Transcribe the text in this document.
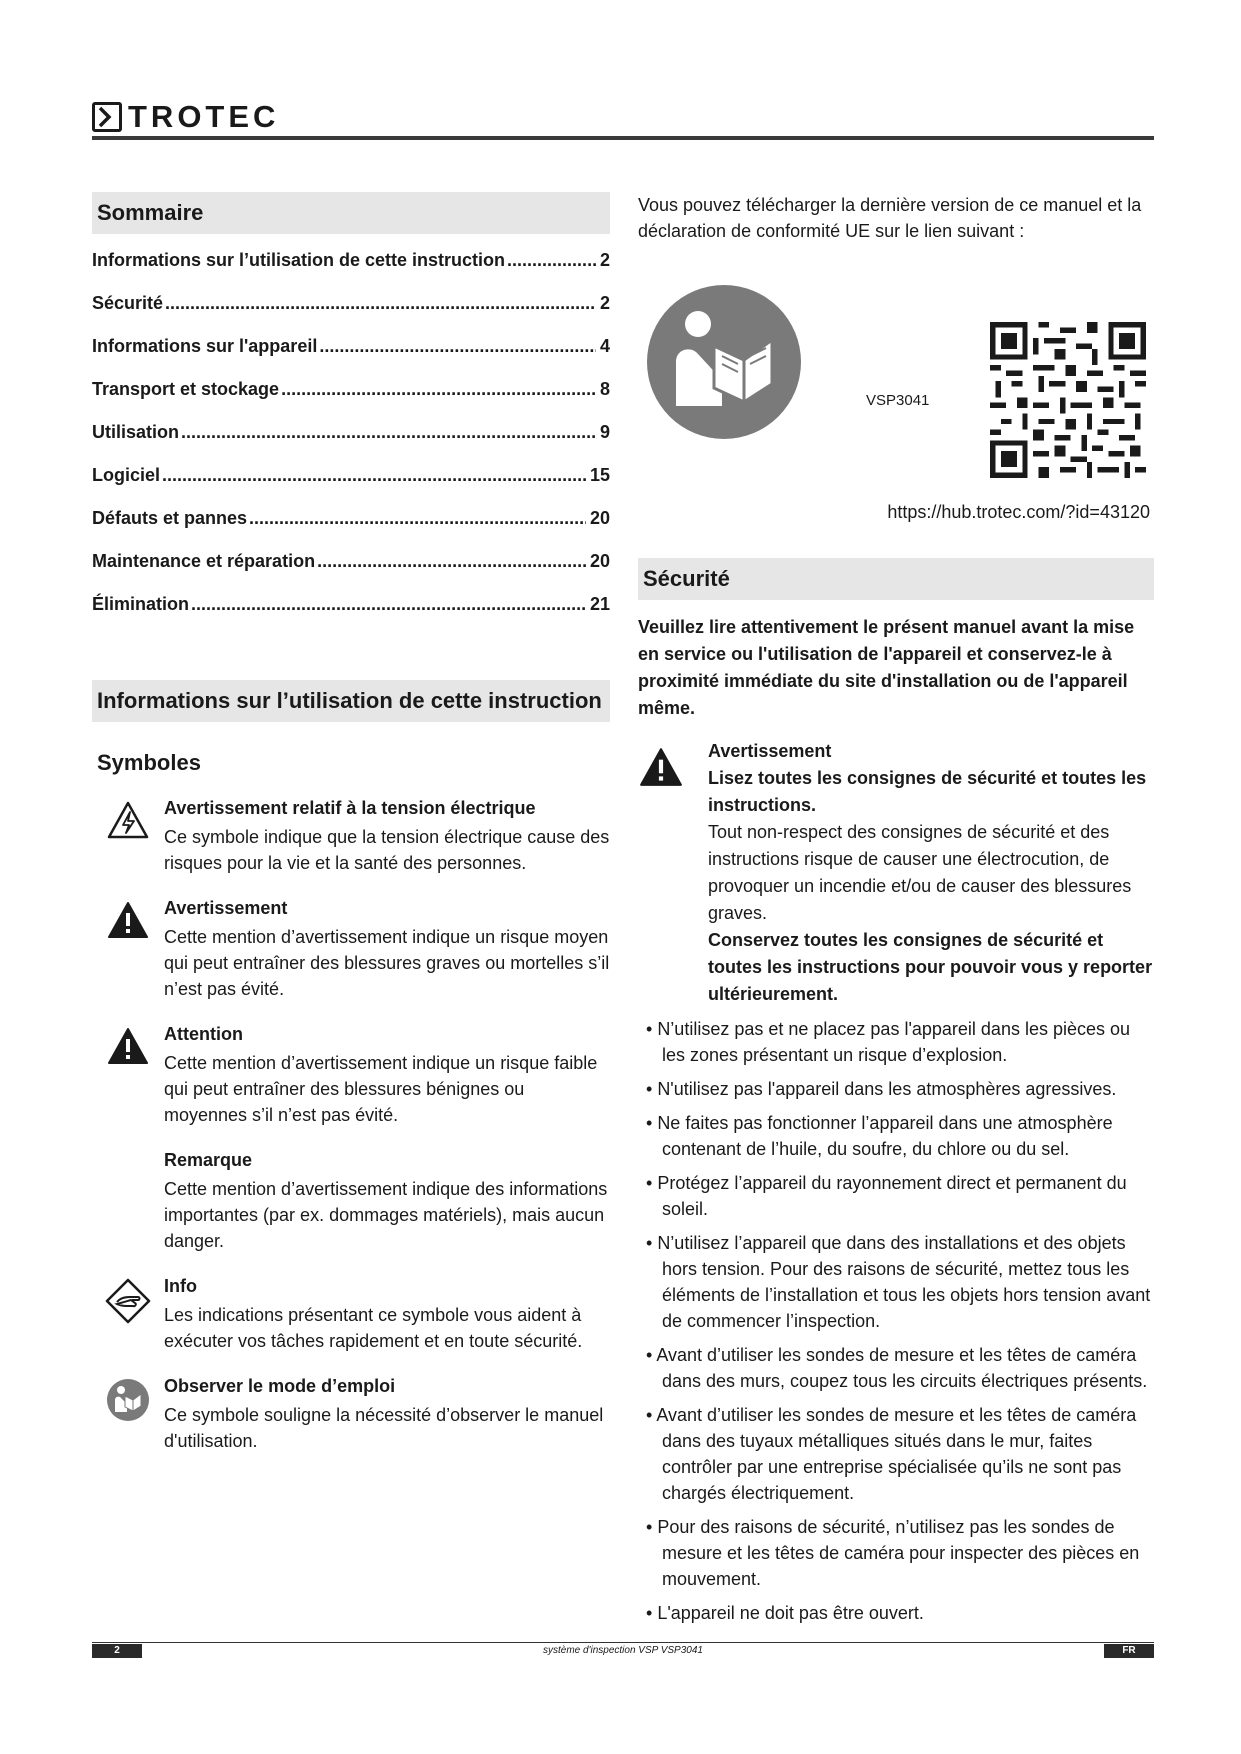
TROTEC
Sommaire
Informations sur l’utilisation de cette instruction .....	2
Sécurité .....	2
Informations sur l'appareil .....	4
Transport et stockage .....	8
Utilisation .....	9
Logiciel .....	15
Défauts et pannes .....	20
Maintenance et réparation .....	20
Élimination .....	21
Informations sur l’utilisation de cette instruction
Symboles
Avertissement relatif à la tension électrique
Ce symbole indique que la tension électrique cause des risques pour la vie et la santé des personnes.
Avertissement
Cette mention d’avertissement indique un risque moyen qui peut entraîner des blessures graves ou mortelles s’il n’est pas évité.
Attention
Cette mention d’avertissement indique un risque faible qui peut entraîner des blessures bénignes ou moyennes s’il n’est pas évité.
Remarque
Cette mention d’avertissement indique des informations importantes (par ex. dommages matériels), mais aucun danger.
Info
Les indications présentant ce symbole vous aident à exécuter vos tâches rapidement et en toute sécurité.
Observer le mode d’emploi
Ce symbole souligne la nécessité d’observer le manuel d'utilisation.
Vous pouvez télécharger la dernière version de ce manuel et la déclaration de conformité UE sur le lien suivant :
VSP3041
https://hub.trotec.com/?id=43120
Sécurité
Veuillez lire attentivement le présent manuel avant la mise en service ou l'utilisation de l'appareil et conservez-le à proximité immédiate du site d'installation ou de l'appareil même.
Avertissement
Lisez toutes les consignes de sécurité et toutes les instructions.
Tout non-respect des consignes de sécurité et des instructions risque de causer une électrocution, de provoquer un incendie et/ou de causer des blessures graves.
Conservez toutes les consignes de sécurité et toutes les instructions pour pouvoir vous y reporter ultérieurement.
• N’utilisez pas et ne placez pas l'appareil dans les pièces ou les zones présentant un risque d’explosion.
• N'utilisez pas l'appareil dans les atmosphères agressives.
• Ne faites pas fonctionner l’appareil dans une atmosphère contenant de l’huile, du soufre, du chlore ou du sel.
• Protégez l’appareil du rayonnement direct et permanent du soleil.
• N’utilisez l’appareil que dans des installations et des objets hors tension. Pour des raisons de sécurité, mettez tous les éléments de l’installation et tous les objets hors tension avant de commencer l’inspection.
• Avant d’utiliser les sondes de mesure et les têtes de caméra dans des murs, coupez tous les circuits électriques présents.
• Avant d’utiliser les sondes de mesure et les têtes de caméra dans des tuyaux métalliques situés dans le mur, faites contrôler par une entreprise spécialisée qu’ils ne sont pas chargés électriquement.
• Pour des raisons de sécurité, n’utilisez pas les sondes de mesure et les têtes de caméra pour inspecter des pièces en mouvement.
• L'appareil ne doit pas être ouvert.
système d'inspection VSP VSP3041
2	FR
